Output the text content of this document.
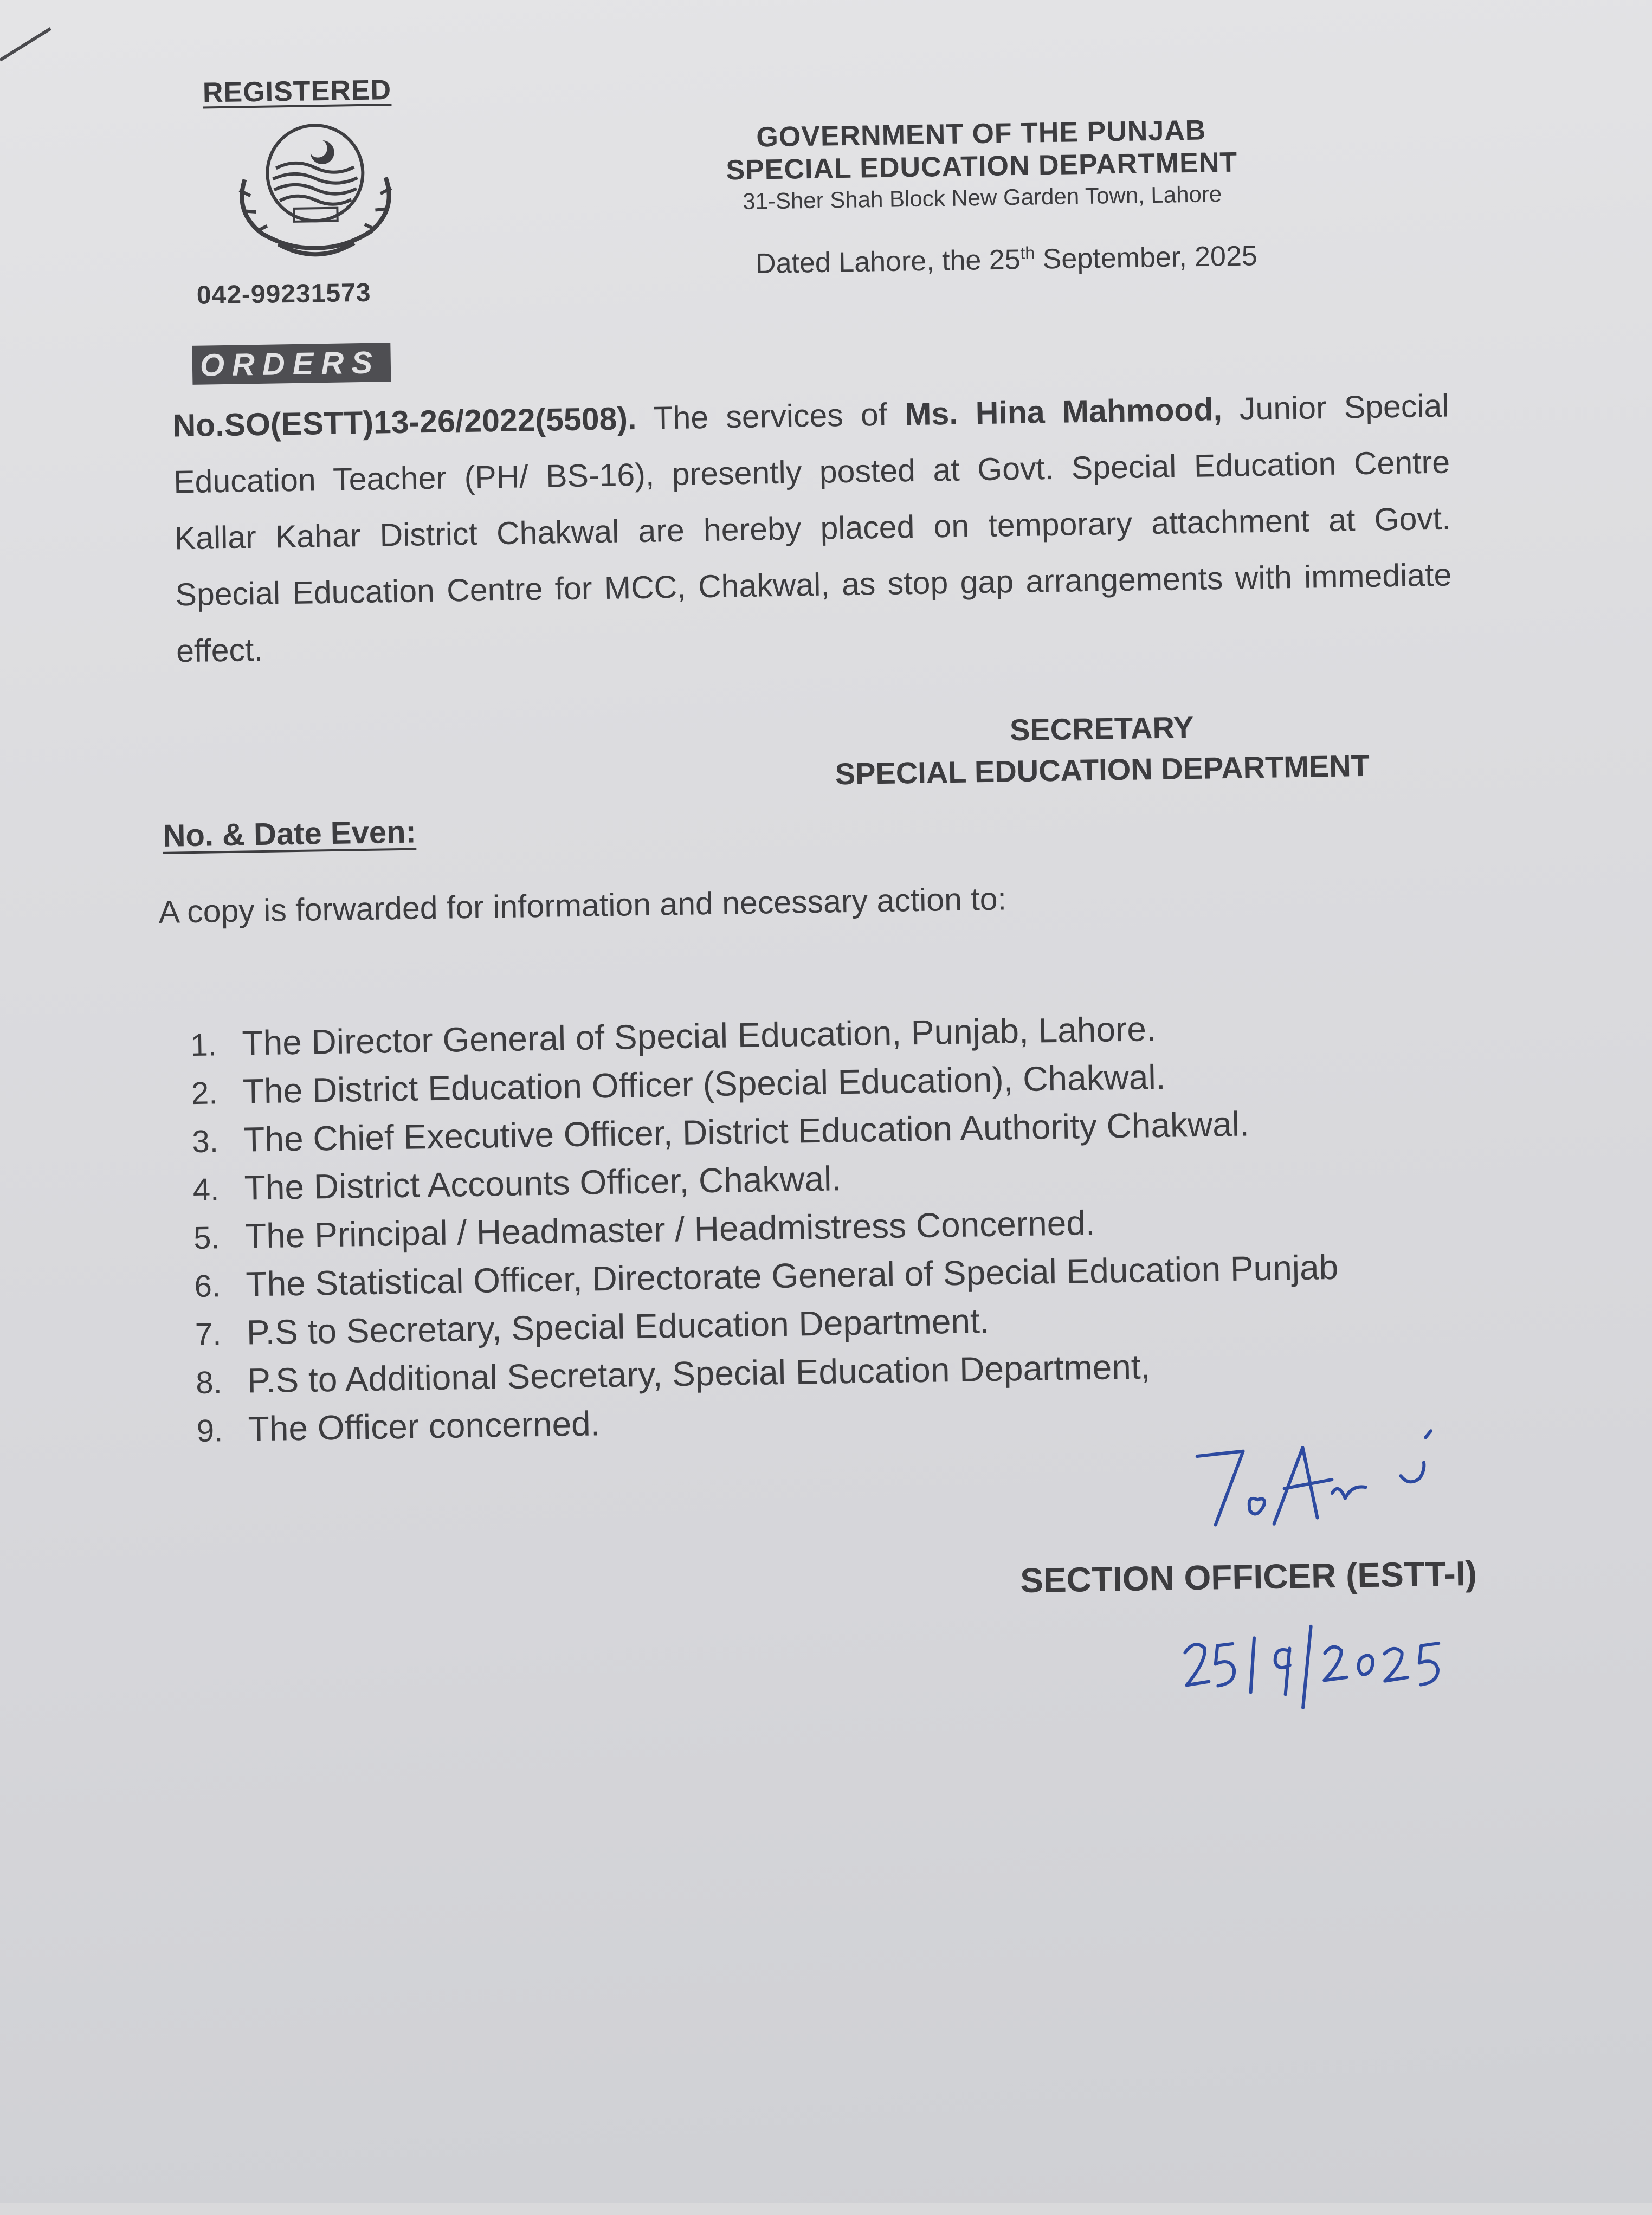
REGISTERED
042-99231573
ORDERS
GOVERNMENT OF THE PUNJAB
SPECIAL EDUCATION DEPARTMENT
31-Sher Shah Block New Garden Town, Lahore
Dated Lahore, the 25th September, 2025
No.SO(ESTT)13-26/2022(5508). The services of Ms. Hina Mahmood, Junior Special Education Teacher (PH/ BS-16), presently posted at Govt. Special Education Centre Kallar Kahar District Chakwal are hereby placed on temporary attachment at Govt. Special Education Centre for MCC, Chakwal, as stop gap arrangements with immediate effect.
SECRETARY
SPECIAL EDUCATION DEPARTMENT
No. & Date Even:
A copy is forwarded for information and necessary action to:
1. The Director General of Special Education, Punjab, Lahore.
2. The District Education Officer (Special Education), Chakwal.
3. The Chief Executive Officer, District Education Authority Chakwal.
4. The District Accounts Officer, Chakwal.
5. The Principal / Headmaster / Headmistress Concerned.
6. The Statistical Officer, Directorate General of Special Education Punjab
7. P.S to Secretary, Special Education Department.
8. P.S to Additional Secretary, Special Education Department,
9. The Officer concerned.
SECTION OFFICER (ESTT-I)
